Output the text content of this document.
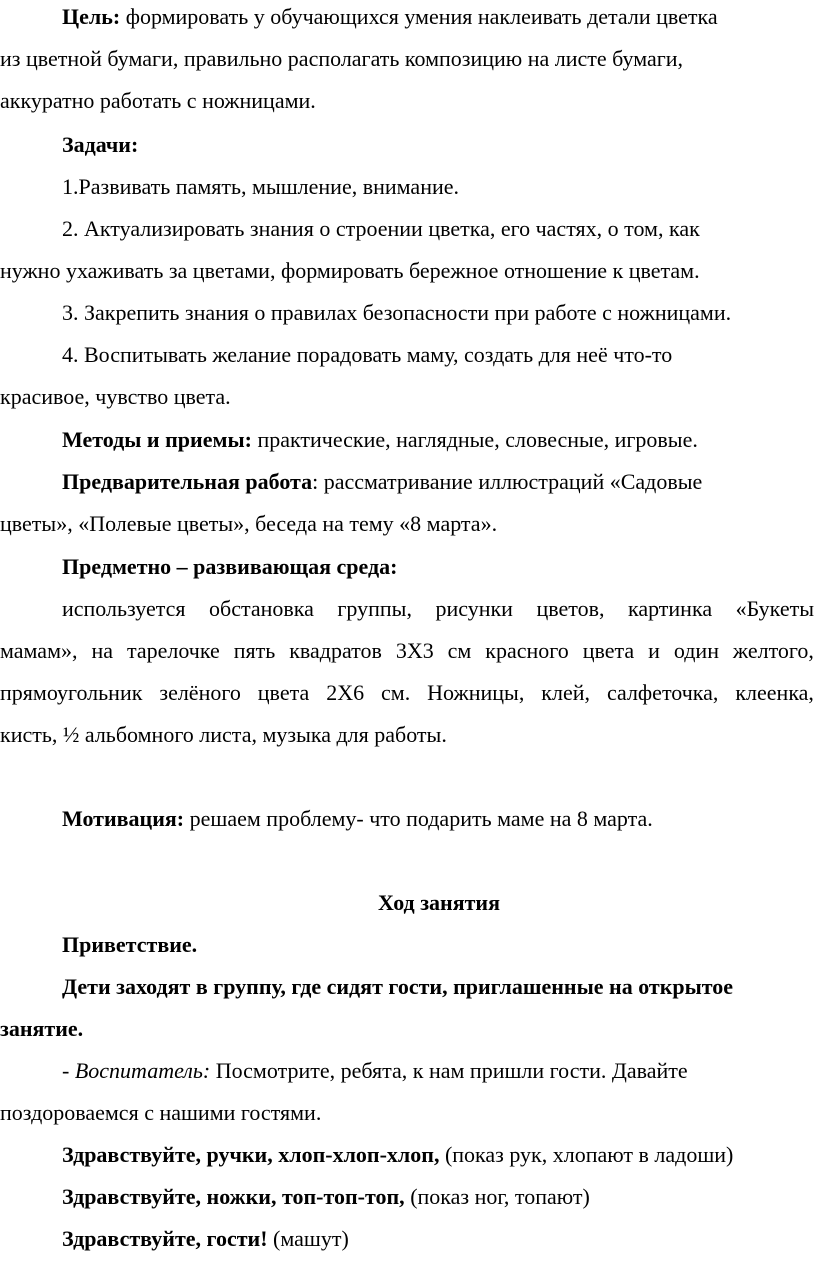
Цель: формировать у обучающихся умения наклеивать детали цветка
из цветной бумаги, правильно располагать композицию на листе бумаги,
аккуратно работать с ножницами.
Задачи:
1.Развивать память, мышление, внимание.
2. Актуализировать знания о строении цветка, его частях, о том, как
нужно ухаживать за цветами, формировать бережное отношение к цветам.
3. Закрепить знания о правилах безопасности при работе с ножницами.
4. Воспитывать желание порадовать маму, создать для неё что-то
красивое, чувство цвета.
Методы и приемы: практические, наглядные, словесные, игровые.
Предварительная работа: рассматривание иллюстраций «Садовые
цветы», «Полевые цветы», беседа на тему «8 марта».
Предметно – развивающая среда:
используется обстановка группы, рисунки цветов, картинка «Букеты
мамам», на тарелочке пять квадратов 3Х3 см красного цвета и один желтого,
прямоугольник зелёного цвета 2Х6 см. Ножницы, клей, салфеточка, клеенка,
кисть, ½ альбомного листа, музыка для работы.
Мотивация: решаем проблему- что подарить маме на 8 марта.
Ход занятия
Приветствие.
Дети заходят в группу, где сидят гости, приглашенные на открытое
занятие.
- Воспитатель: Посмотрите, ребята, к нам пришли гости. Давайте
поздороваемся с нашими гостями.
Здравствуйте, ручки, хлоп-хлоп-хлоп, (показ рук, хлопают в ладоши)
Здравствуйте, ножки, топ-топ-топ, (показ ног, топают)
Здравствуйте, гости! (машут)
